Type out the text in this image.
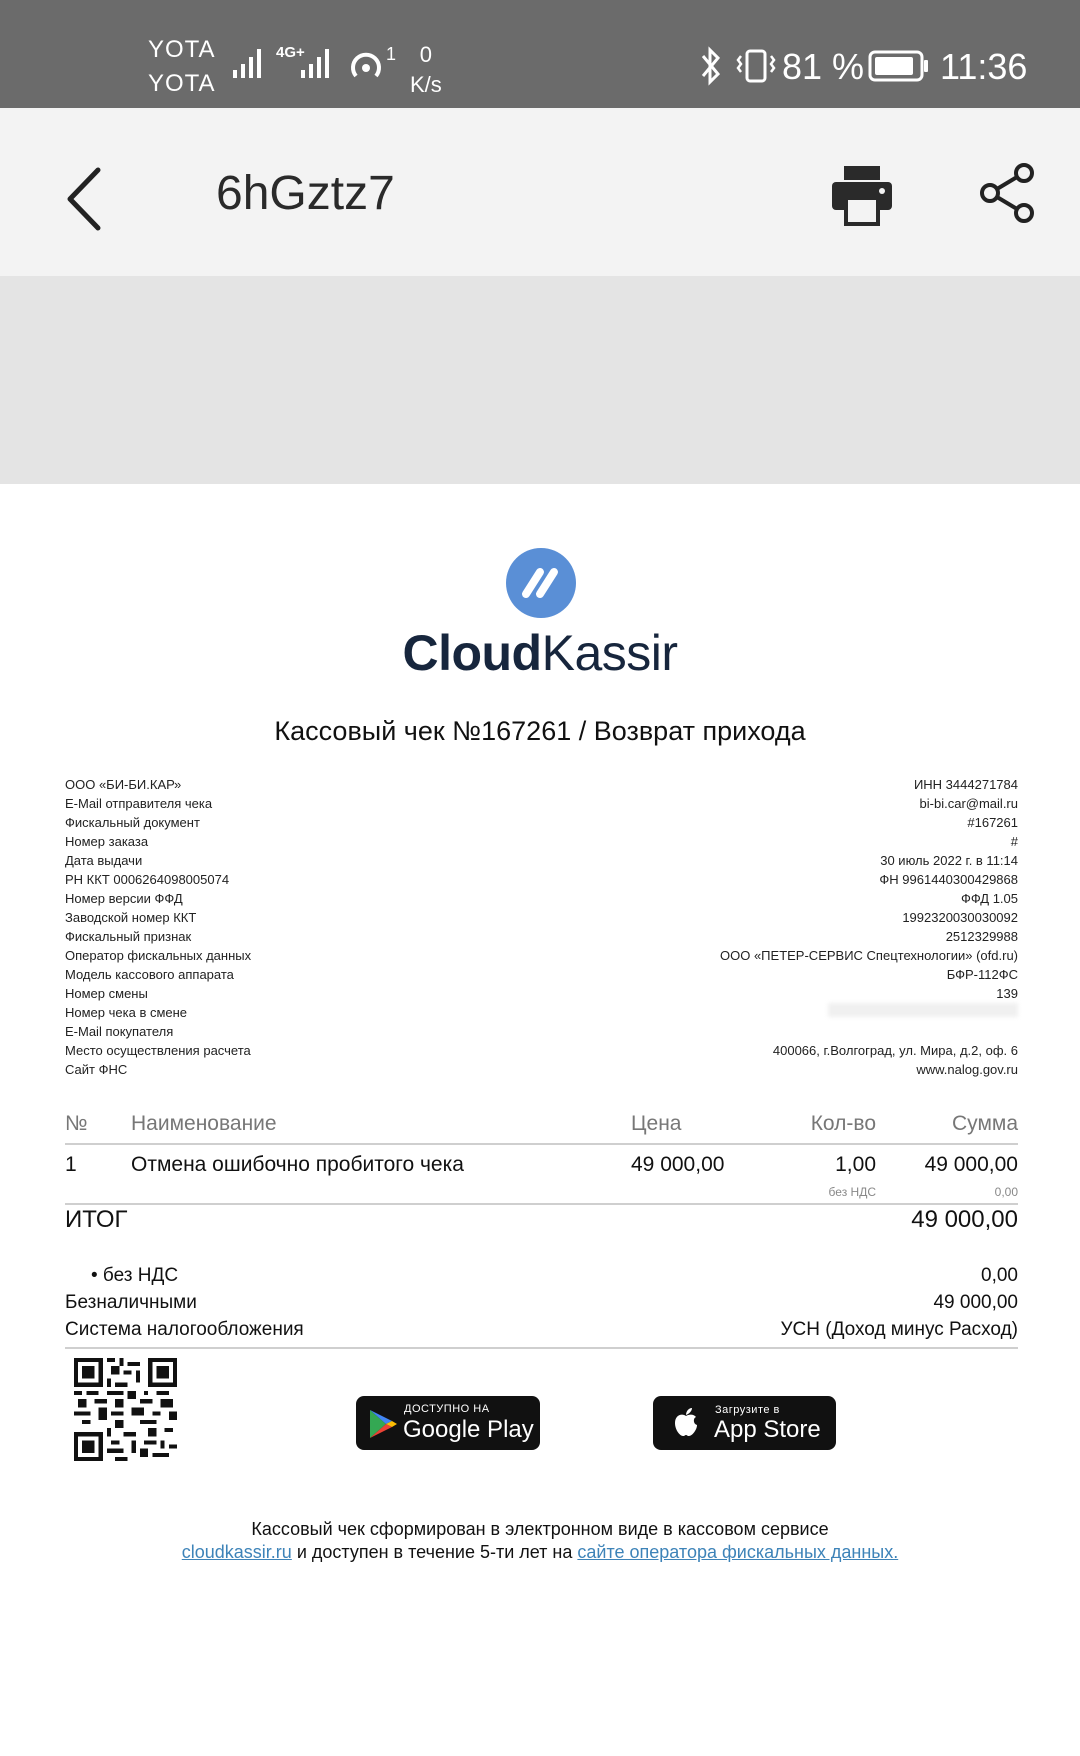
YOTA
YOTA
4G+	1	0
K/s	81 % 11:36
6hGztz7
CloudKassir
Кассовый чек №167261 / Возврат прихода
ООО «БИ-БИ.КАР»	ИНН 3444271784
E-Mail отправителя чека	bi-bi.car@mail.ru
Фискальный документ	#167261
Номер заказа	#
Дата выдачи	30 июль 2022 г. в 11:14
РН ККТ 0006264098005074	ФН 9961440300429868
Номер версии ФФД	ФФД 1.05
Заводской номер ККТ	1992320030030092
Фискальный признак	2512329988
Оператор фискальных данных	ООО «ПЕТЕР-СЕРВИС Спецтехнологии» (ofd.ru)
Модель кассового аппарата	БФР-112ФС
Номер смены	139
Номер чека в смене
E-Mail покупателя
Место осуществления расчета	400066, г.Волгоград, ул. Мира, д.2, оф. 6
Сайт ФНС	www.nalog.gov.ru
№	Наименование	Цена	Кол-во	Сумма
1	Отмена ошибочно пробитого чека	49 000,00	1,00	49 000,00
без НДС	0,00
ИТОГ	49 000,00
• без НДС	0,00
Безналичными	49 000,00
Система налогообложения	УСН (Доход минус Расход)
ДОСТУПНО НА
Google Play
Загрузите в
App Store
Кассовый чек сформирован в электронном виде в кассовом сервисе
cloudkassir.ru и доступен в течение 5-ти лет на сайте оператора фискальных данных.
